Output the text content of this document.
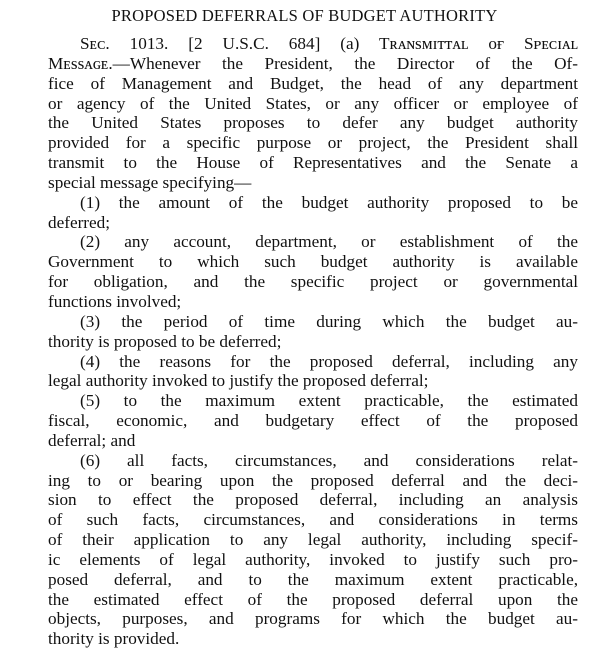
PROPOSED DEFERRALS OF BUDGET AUTHORITY
Sᴇᴄ. 1013. [2 U.S.C. 684] (a) Tʀᴀɴsᴍɪᴛᴛᴀʟ ᴏғ Sᴘᴇᴄɪᴀʟ
Mᴇssᴀɢᴇ.—Whenever the President, the Director of the Of-
fice of Management and Budget, the head of any department
or agency of the United States, or any officer or employee of
the United States proposes to defer any budget authority
provided for a specific purpose or project, the President shall
transmit to the House of Representatives and the Senate a
special message specifying—
(1) the amount of the budget authority proposed to be
deferred;
(2) any account, department, or establishment of the
Government to which such budget authority is available
for obligation, and the specific project or governmental
functions involved;
(3) the period of time during which the budget au-
thority is proposed to be deferred;
(4) the reasons for the proposed deferral, including any
legal authority invoked to justify the proposed deferral;
(5) to the maximum extent practicable, the estimated
fiscal, economic, and budgetary effect of the proposed
deferral; and
(6) all facts, circumstances, and considerations relat-
ing to or bearing upon the proposed deferral and the deci-
sion to effect the proposed deferral, including an analysis
of such facts, circumstances, and considerations in terms
of their application to any legal authority, including specif-
ic elements of legal authority, invoked to justify such pro-
posed deferral, and to the maximum extent practicable,
the estimated effect of the proposed deferral upon the
objects, purposes, and programs for which the budget au-
thority is provided.
